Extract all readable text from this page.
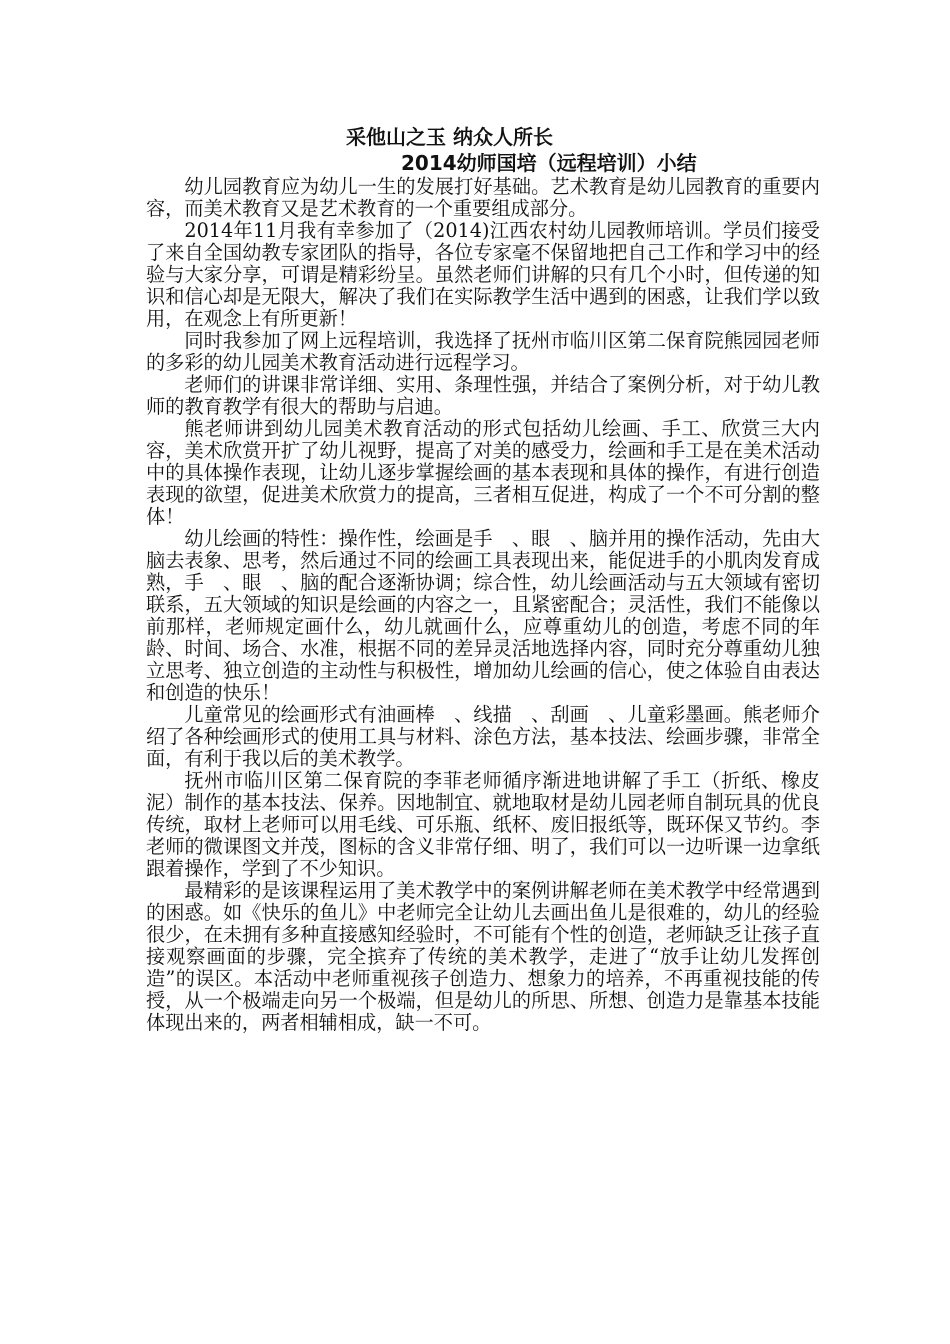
采他山之玉 纳众人所长

2014幼师国培（远程培训）小结

幼儿园教育应为幼儿一生的发展打好基础。艺术教育是幼儿园教育的重要内容，而美术教育又是艺术教育的一个重要组成部分。

2014年11月我有幸参加了（2014)江西农村幼儿园教师培训。学员们接受了来自全国幼教专家团队的指导，各位专家毫不保留地把自己工作和学习中的经验与大家分享，可谓是精彩纷呈。虽然老师们讲解的只有几个小时，但传递的知识和信心却是无限大，解决了我们在实际教学生活中遇到的困惑，让我们学以致用，在观念上有所更新！

同时我参加了网上远程培训，我选择了抚州市临川区第二保育院熊园园老师的多彩的幼儿园美术教育活动进行远程学习。

老师们的讲课非常详细、实用、条理性强，并结合了案例分析，对于幼儿教师的教育教学有很大的帮助与启迪。

熊老师讲到幼儿园美术教育活动的形式包括幼儿绘画、手工、欣赏三大内容，美术欣赏开扩了幼儿视野，提高了对美的感受力，绘画和手工是在美术活动中的具体操作表现，让幼儿逐步掌握绘画的基本表现和具体的操作，有进行创造表现的欲望，促进美术欣赏力的提高，三者相互促进，构成了一个不可分割的整体！

幼儿绘画的特性：操作性，绘画是手　、眼　、脑并用的操作活动，先由大脑去表象、思考，然后通过不同的绘画工具表现出来，能促进手的小肌肉发育成熟，手　、眼　、脑的配合逐渐协调；综合性，幼儿绘画活动与五大领域有密切联系，五大领域的知识是绘画的内容之一，且紧密配合；灵活性，我们不能像以前那样，老师规定画什么，幼儿就画什么，应尊重幼儿的创造，考虑不同的年龄、时间、场合、水准，根据不同的差异灵活地选择内容，同时充分尊重幼儿独立思考、独立创造的主动性与积极性，增加幼儿绘画的信心，使之体验自由表达和创造的快乐！

儿童常见的绘画形式有油画棒　、线描　、刮画　、儿童彩墨画。熊老师介绍了各种绘画形式的使用工具与材料、涂色方法，基本技法、绘画步骤，非常全面，有利于我以后的美术教学。

抚州市临川区第二保育院的李菲老师循序渐进地讲解了手工（折纸、橡皮泥）制作的基本技法、保养。因地制宜、就地取材是幼儿园老师自制玩具的优良传统，取材上老师可以用毛线、可乐瓶、纸杯、废旧报纸等，既环保又节约。李老师的微课图文并茂，图标的含义非常仔细、明了，我们可以一边听课一边拿纸跟着操作，学到了不少知识。

最精彩的是该课程运用了美术教学中的案例讲解老师在美术教学中经常遇到的困惑。如《快乐的鱼儿》中老师完全让幼儿去画出鱼儿是很难的，幼儿的经验很少，在未拥有多种直接感知经验时，不可能有个性的创造，老师缺乏让孩子直接观察画面的步骤，完全摈弃了传统的美术教学，走进了“放手让幼儿发挥创造”的误区。本活动中老师重视孩子创造力、想象力的培养，不再重视技能的传授，从一个极端走向另一个极端，但是幼儿的所思、所想、创造力是靠基本技能体现出来的，两者相辅相成，缺一不可。
